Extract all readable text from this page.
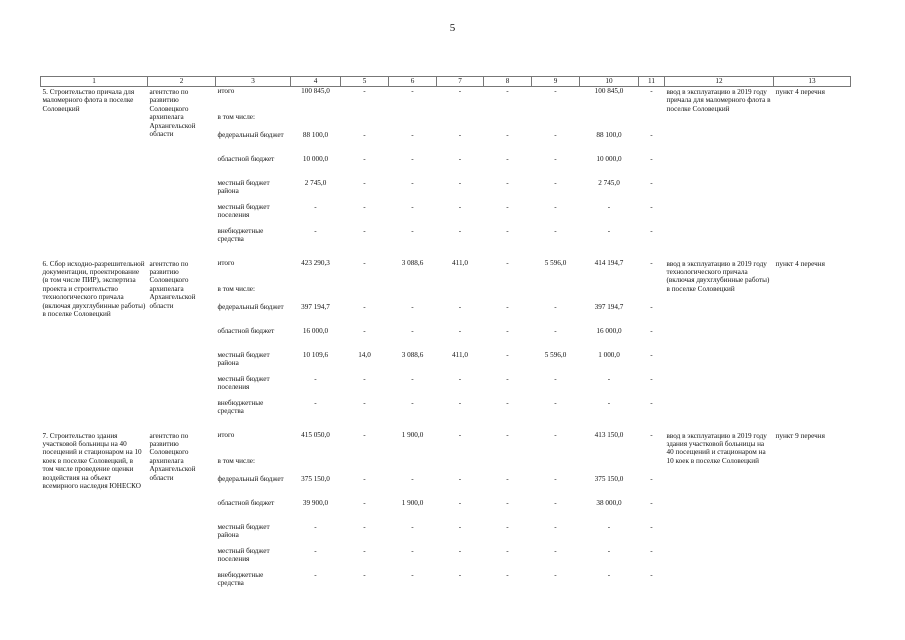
5
1	2	3	4	5	6	7	8	9	10	11	12	13
5. Строительство причала для маломерного флота в поселке Соловецкий	агентство по развитию Соловецкого архипелага Архангельской области	итого	100 845,0	-	-	-	-	-	100 845,0	-	ввод в эксплуатацию в 2019 году причала для маломерного флота в поселке Соловецкий	пункт 4 перечня
		в том числе:										
		федеральный бюджет	88 100,0	-	-	-	-	-	88 100,0	-		
		областной бюджет	10 000,0	-	-	-	-	-	10 000,0	-		
		местный бюджет района	2 745,0	-	-	-	-	-	2 745,0	-		
		местный бюджет поселения	-	-	-	-	-	-	-	-		
		внебюджетные средства	-	-	-	-	-	-	-	-		

6. Сбор исходно-разрешительной документации, проектирование (в том числе ПИР), экспертиза проекта и строительство технологического причала (включая двухглубинные работы) в поселке Соловецкий	агентство по развитию Соловецкого архипелага Архангельской области	итого	423 290,3	-	3 088,6	411,0	-	5 596,0	414 194,7	-	ввод в эксплуатацию в 2019 году технологического причала (включая двухглубинные работы) в поселке Соловецкий	пункт 4 перечня
		в том числе:										
		федеральный бюджет	397 194,7	-	-	-	-	-	397 194,7	-		
		областной бюджет	16 000,0	-	-	-	-	-	16 000,0	-		
		местный бюджет района	10 109,6	14,0	3 088,6	411,0	-	5 596,0	1 000,0	-		
		местный бюджет поселения	-	-	-	-	-	-	-	-		
		внебюджетные средства	-	-	-	-	-	-	-	-		

7. Строительство здания участковой больницы на 40 посещений и стационаром на 10 коек в поселке Соловецкий, в том числе проведение оценки воздействия на объект всемирного наследия ЮНЕСКО	агентство по развитию Соловецкого архипелага Архангельской области	итого	415 050,0	-	1 900,0	-	-	-	413 150,0	-	ввод в эксплуатацию в 2019 году здания участковой больницы на 40 посещений и стационаром на 10 коек в поселке Соловецкий	пункт 9 перечня
		в том числе:										
		федеральный бюджет	375 150,0	-	-	-	-	-	375 150,0	-		
		областной бюджет	39 900,0	-	1 900,0	-	-	-	38 000,0	-		
		местный бюджет района	-	-	-	-	-	-	-	-		
		местный бюджет поселения	-	-	-	-	-	-	-	-		
		внебюджетные средства	-	-	-	-	-	-	-	-		
